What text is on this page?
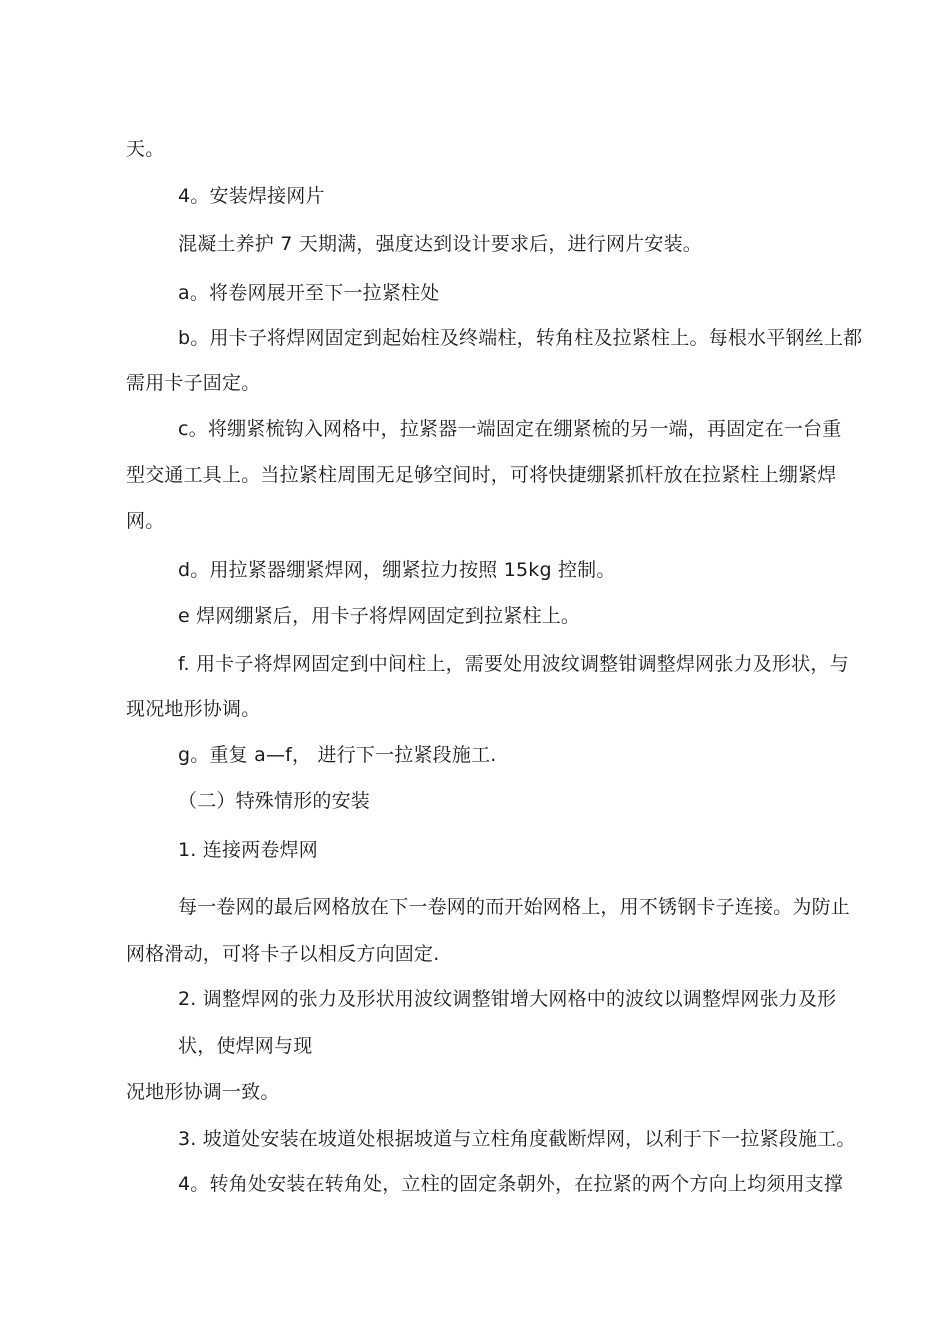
天。
4。安装焊接网片
混凝土养护 7 天期满，强度达到设计要求后，进行网片安装。
a。将卷网展开至下一拉紧柱处
b。用卡子将焊网固定到起始柱及终端柱，转角柱及拉紧柱上。每根水平钢丝上都
需用卡子固定。
c。将绷紧梳钩入网格中，拉紧器一端固定在绷紧梳的另一端，再固定在一台重
型交通工具上。当拉紧柱周围无足够空间时，可将快捷绷紧抓杆放在拉紧柱上绷紧焊
网。
d。用拉紧器绷紧焊网，绷紧拉力按照 15kg 控制。
e 焊网绷紧后，用卡子将焊网固定到拉紧柱上。
f. 用卡子将焊网固定到中间柱上，需要处用波纹调整钳调整焊网张力及形状，与
现况地形协调。
g。重复 a—f， 进行下一拉紧段施工.
（二）特殊情形的安装
1. 连接两卷焊网
每一卷网的最后网格放在下一卷网的而开始网格上，用不锈钢卡子连接。为防止
网格滑动，可将卡子以相反方向固定.
2. 调整焊网的张力及形状用波纹调整钳增大网格中的波纹以调整焊网张力及形
状，使焊网与现
况地形协调一致。
3. 坡道处安装在坡道处根据坡道与立柱角度截断焊网，以利于下一拉紧段施工。
4。转角处安装在转角处，立柱的固定条朝外，在拉紧的两个方向上均须用支撑
